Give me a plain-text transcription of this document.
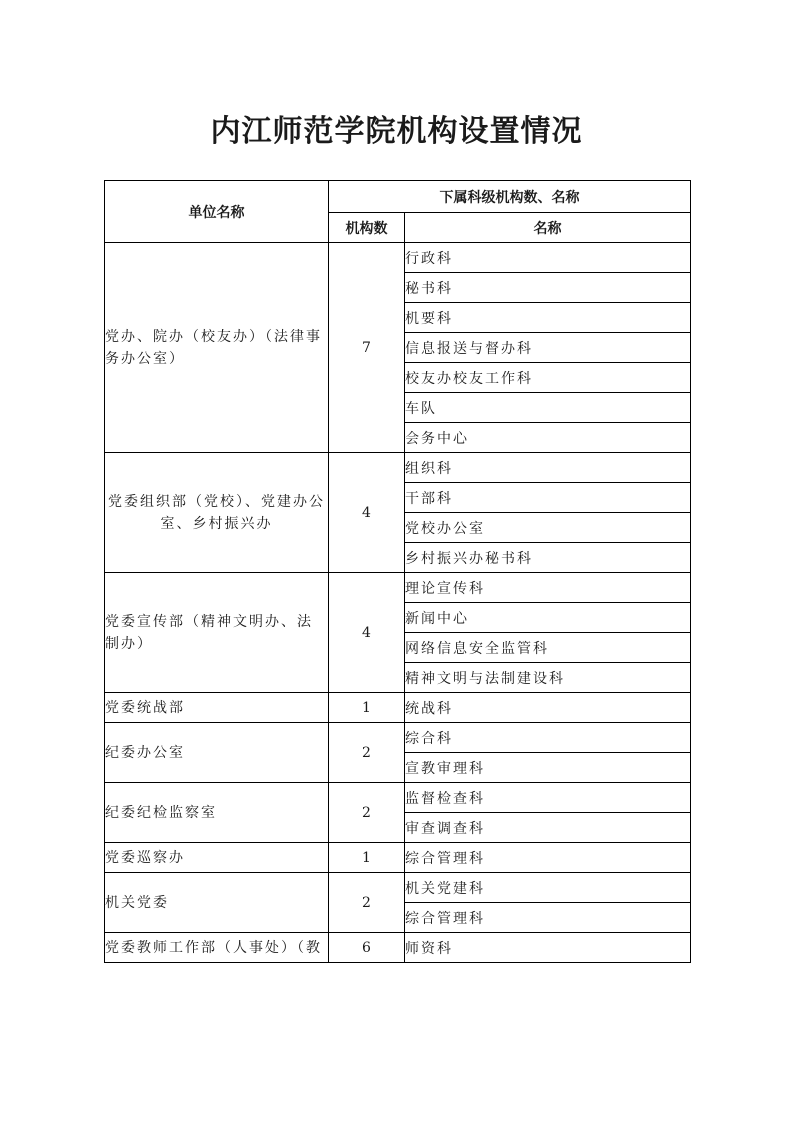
内江师范学院机构设置情况
单位名称	下属科级机构数、名称	
	机构数	名称
党办、院办（校友办）（法律事务办公室）	7	行政科
		秘书科
		机要科
		信息报送与督办科
		校友办校友工作科
		车队
		会务中心
党委组织部（党校）、党建办公室、乡村振兴办	4	组织科
		干部科
		党校办公室
		乡村振兴办秘书科
党委宣传部（精神文明办、法制办）	4	理论宣传科
		新闻中心
		网络信息安全监管科
		精神文明与法制建设科
党委统战部	1	统战科
纪委办公室	2	综合科
		宣教审理科
纪委纪检监察室	2	监督检查科
		审查调查科
党委巡察办	1	综合管理科
机关党委	2	机关党建科
		综合管理科
党委教师工作部（人事处）（教	6	师资科
